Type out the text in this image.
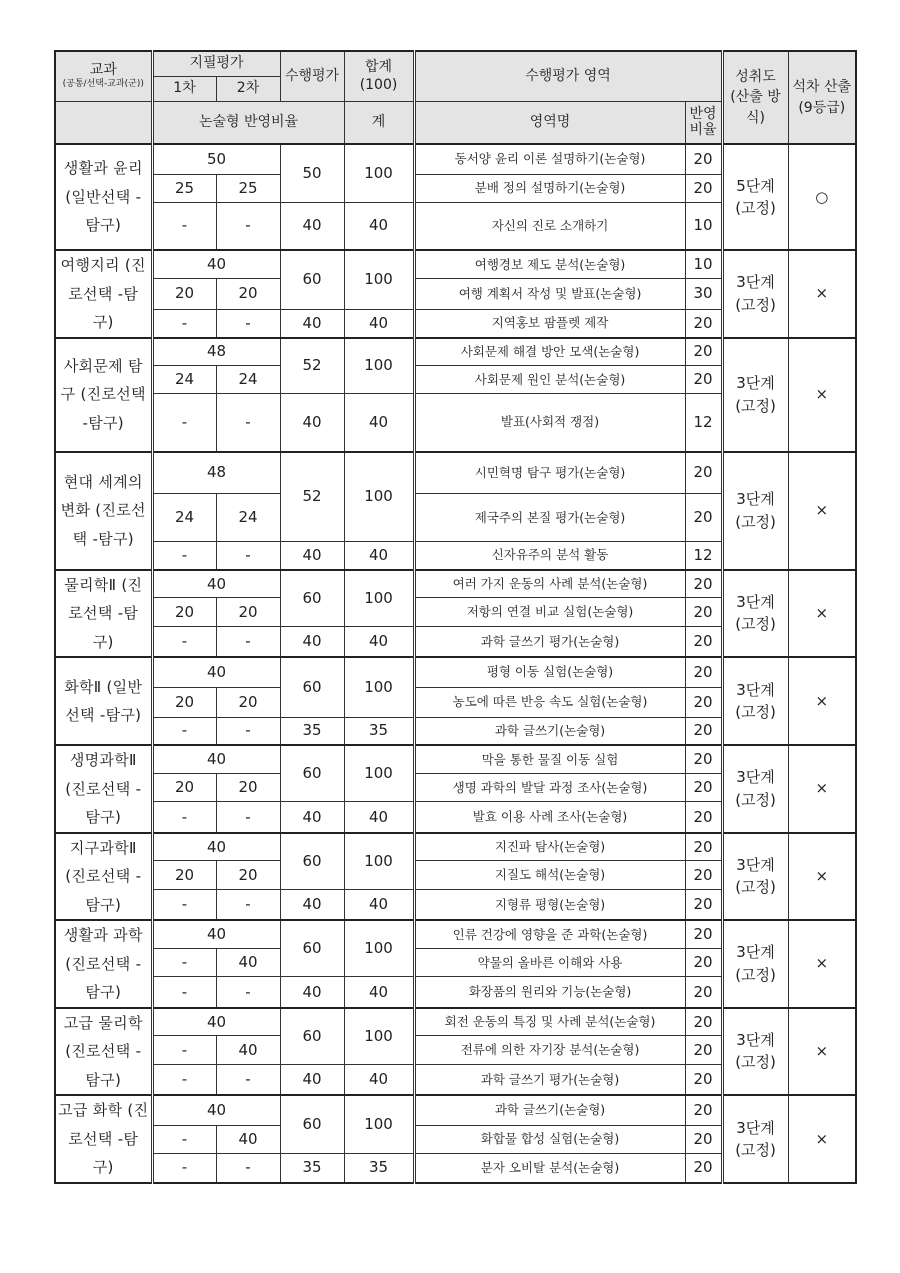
교과
(공통/선택-교과(군))	지필평가		수행평가	합계(100)	수행평가 영역		성취도 (산출 방식)	석차 산출 (9등급)
	1차	2차						
	논술형 반영비율			계	영역명	반영 비율		
생활과 윤리 (일반선택 -탐구)	50		50	100	동서양 윤리 이론 설명하기(논술형)	20	5단계 (고정)	○
	25	25			분배 정의 설명하기(논술형)	20		
	-	-	40	40	자신의 진로 소개하기	10		
여행지리 (진로선택 -탐구)	40		60	100	여행경보 제도 분석(논술형)	10	3단계 (고정)	×
	20	20			여행 계획서 작성 및 발표(논술형)	30		
	-	-	40	40	지역홍보 팜플렛 제작	20		
사회문제 탐구 (진로선택 -탐구)	48		52	100	사회문제 해결 방안 모색(논술형)	20	3단계 (고정)	×
	24	24			사회문제 원인 분석(논술형)	20		
	-	-	40	40	발표(사회적 쟁점)	12		
현대 세계의 변화 (진로선택 -탐구)	48		52	100	시민혁명 탐구 평가(논술형)	20	3단계 (고정)	×
	24	24			제국주의 본질 평가(논술형)	20		
	-	-	40	40	신자유주의 분석 활동	12		
물리학Ⅱ (진로선택 -탐구)	40		60	100	여러 가지 운동의 사례 분석(논술형)	20	3단계 (고정)	×
	20	20			저항의 연결 비교 실험(논술형)	20		
	-	-	40	40	과학 글쓰기 평가(논술형)	20		
화학Ⅱ (일반선택 -탐구)	40		60	100	평형 이동 실험(논술형)	20	3단계 (고정)	×
	20	20			농도에 따른 반응 속도 실험(논술형)	20		
	-	-	35	35	과학 글쓰기(논술형)	20		
생명과학Ⅱ (진로선택 -탐구)	40		60	100	막을 통한 물질 이동 실험	20	3단계 (고정)	×
	20	20			생명 과학의 발달 과정 조사(논술형)	20		
	-	-	40	40	발효 이용 사례 조사(논술형)	20		
지구과학Ⅱ (진로선택 -탐구)	40		60	100	지진파 탐사(논술형)	20	3단계 (고정)	×
	20	20			지질도 해석(논술형)	20		
	-	-	40	40	지형류 평형(논술형)	20		
생활과 과학 (진로선택 -탐구)	40		60	100	인류 건강에 영향을 준 과학(논술형)	20	3단계 (고정)	×
	-	40			약물의 올바른 이해와 사용	20		
	-	-	40	40	화장품의 원리와 기능(논술형)	20		
고급 물리학 (진로선택 -탐구)	40		60	100	회전 운동의 특징 및 사례 분석(논술형)	20	3단계 (고정)	×
	-	40			전류에 의한 자기장 분석(논술형)	20		
	-	-	40	40	과학 글쓰기 평가(논술형)	20		
고급 화학 (진로선택 -탐구)	40		60	100	과학 글쓰기(논술형)	20	3단계 (고정)	×
	-	40			화합물 합성 실험(논술형)	20		
	-	-	35	35	분자 오비탈 분석(논술형)	20		
